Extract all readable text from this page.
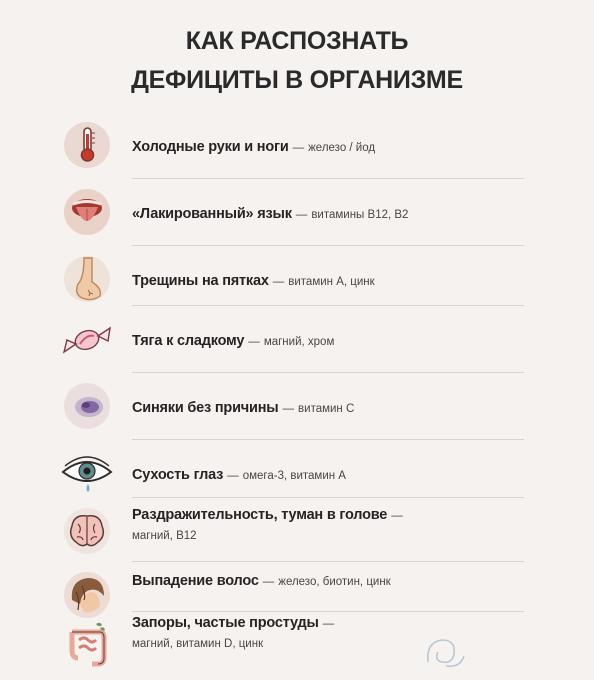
КАК РАСПОЗНАТЬ
ДЕФИЦИТЫ В ОРГАНИЗМЕ
Холодные руки и ноги — железо / йод
«Лакированный» язык — витамины B12, B2
Трещины на пятках — витамин A, цинк
Тяга к сладкому — магний, хром
Синяки без причины — витамин C
Сухость глаз — омега-3, витамин A
Раздражительность, туман в голове —
магний, B12
Выпадение волос — железо, биотин, цинк
Запоры, частые простуды —
магний, витамин D, цинк
